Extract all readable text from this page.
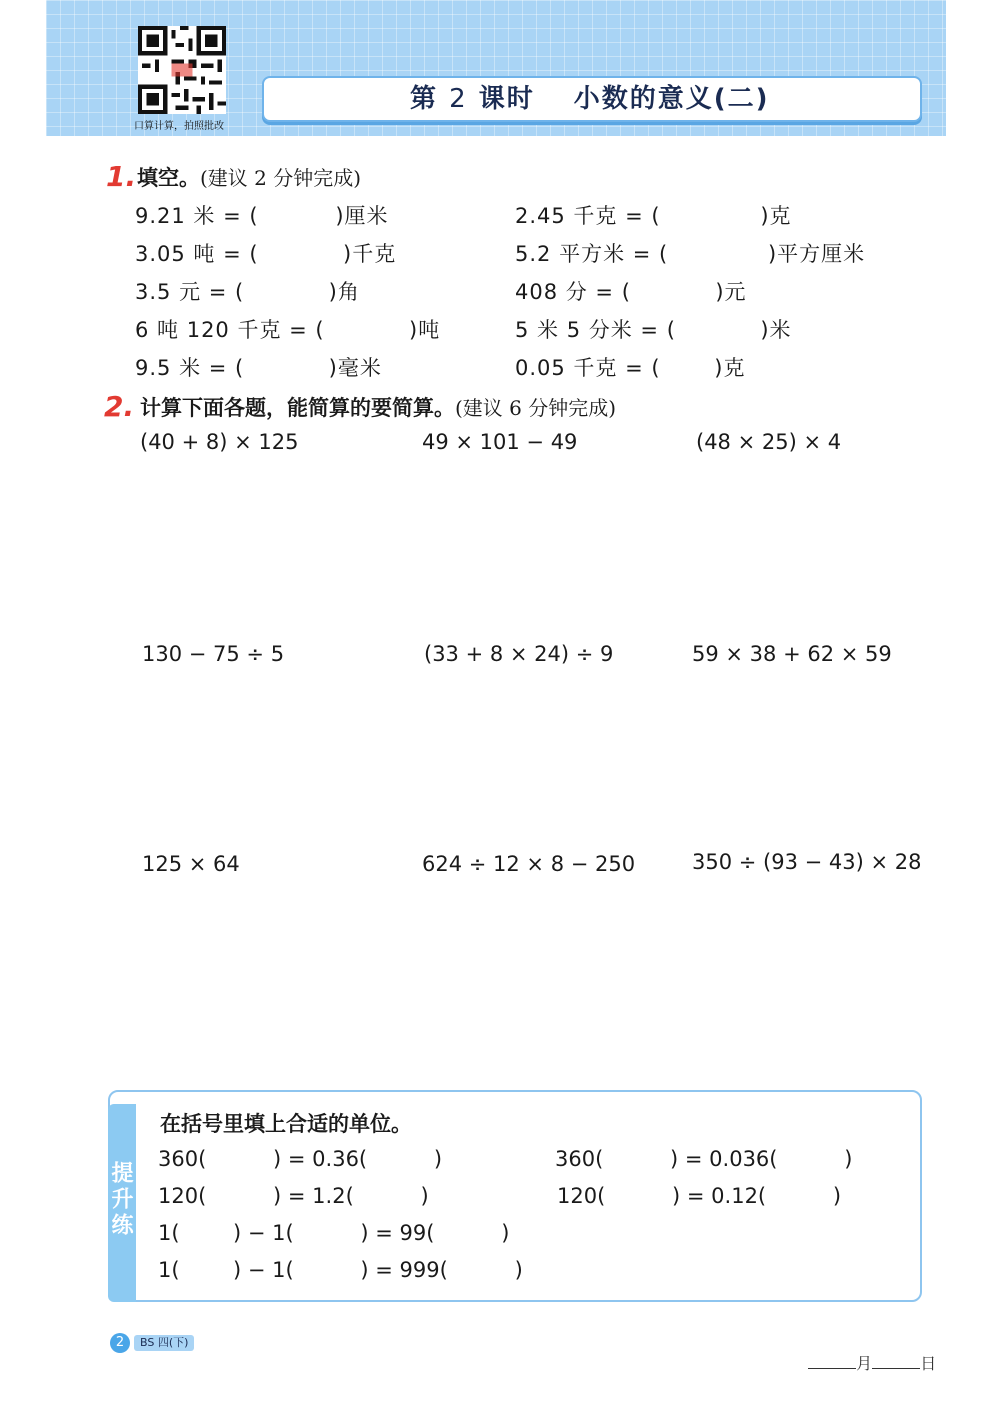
口算计算，拍照批改
第 2 课时 小数的意义(二)
1. 填空。(建议 2 分钟完成)
9.21 米 = (          )厘米	2.45 千克 = (             )克
3.05 吨 = (           )千克	5.2 平方米 = (             )平方厘米
3.5 元 = (           )角	408 分 = (           )元
6 吨 120 千克 = (           )吨	5 米 5 分米 = (           )米
9.5 米 = (           )毫米	0.05 千克 = (       )克
2. 计算下面各题，能简算的要简算。(建议 6 分钟完成)
(40 + 8) × 125	49 × 101 − 49	(48 × 25) × 4
130 − 75 ÷ 5	(33 + 8 × 24) ÷ 9	59 × 38 + 62 × 59
125 × 64	624 ÷ 12 × 8 − 250	350 ÷ (93 − 43) × 28
提升练
在括号里填上合适的单位。
360(          ) = 0.36(          )	360(          ) = 0.036(          )
120(          ) = 1.2(          )	120(          ) = 0.12(          )
1(        ) − 1(          ) = 99(          )
1(        ) − 1(          ) = 999(          )
2	BS 四(下)

月	日
